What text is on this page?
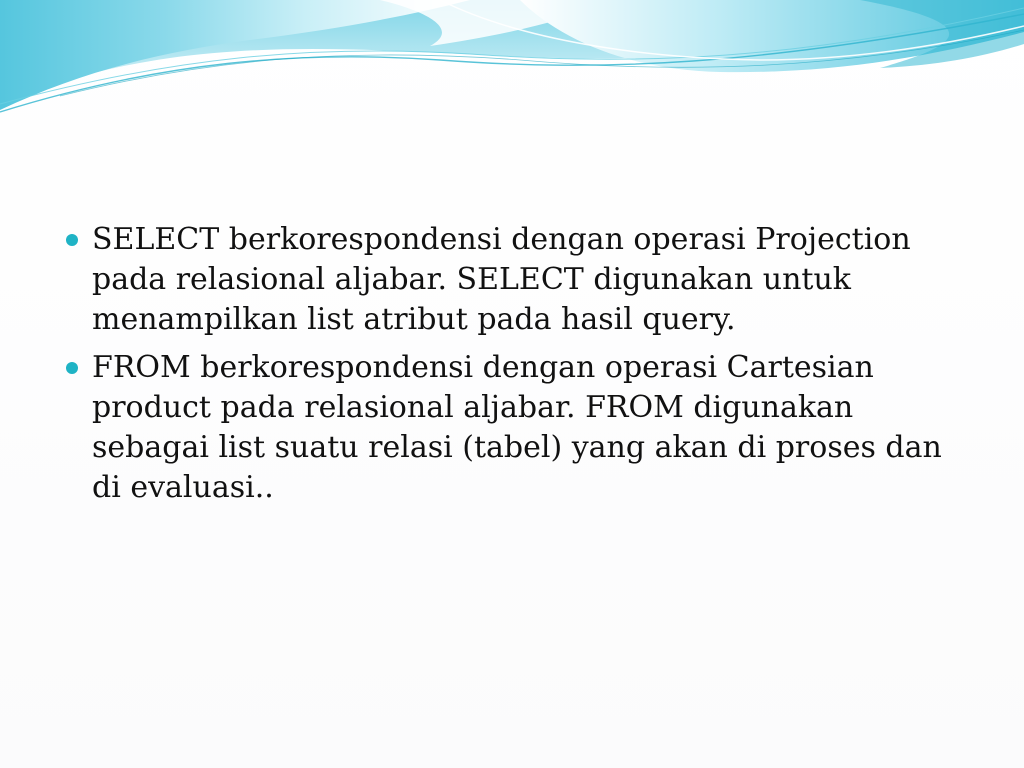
SELECT berkorespondensi dengan operasi Projection pada relasional aljabar. SELECT digunakan untuk menampilkan list atribut pada hasil query.
FROM berkorespondensi dengan operasi Cartesian product pada relasional aljabar. FROM digunakan sebagai list suatu relasi (tabel) yang akan di proses dan di evaluasi..
